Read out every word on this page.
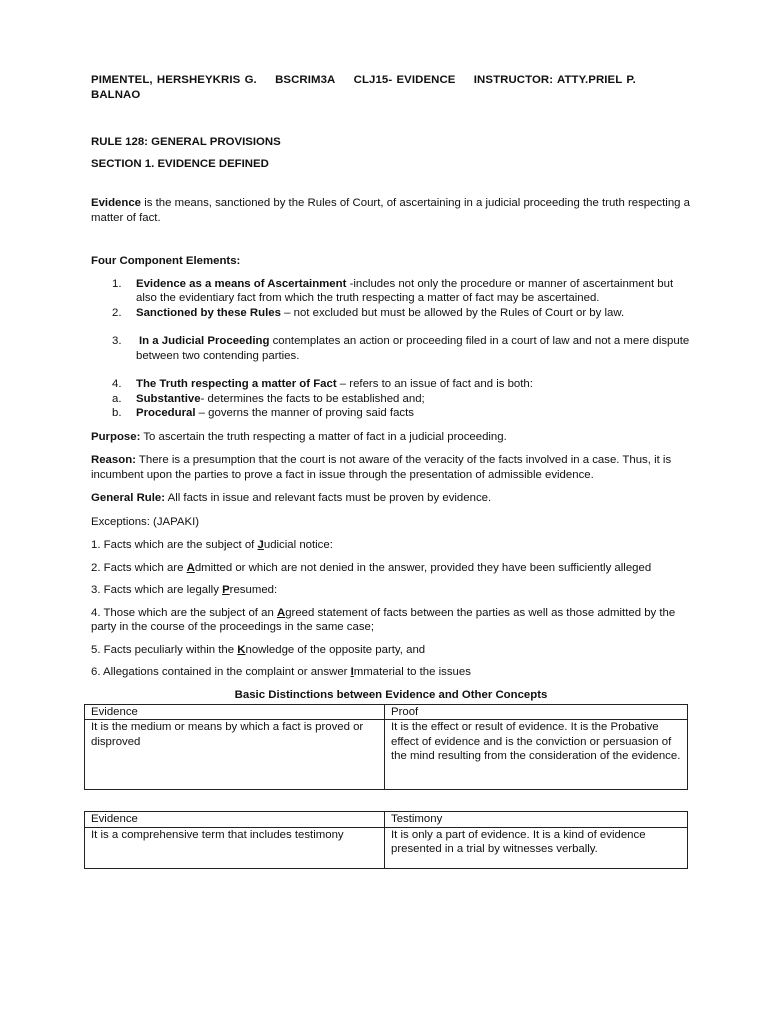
PIMENTEL, HERSHEYKRIS G. BSCRIM3A CLJ15- EVIDENCE INSTRUCTOR: ATTY.PRIEL P. BALNAO

RULE 128: GENERAL PROVISIONS

SECTION 1. EVIDENCE DEFINED

Evidence is the means, sanctioned by the Rules of Court, of ascertaining in a judicial proceeding the truth respecting a matter of fact.

Four Component Elements:

1. Evidence as a means of Ascertainment -includes not only the procedure or manner of ascertainment but also the evidentiary fact from which the truth respecting a matter of fact may be ascertained.
2. Sanctioned by these Rules – not excluded but must be allowed by the Rules of Court or by law.
3. In a Judicial Proceeding contemplates an action or proceeding filed in a court of law and not a mere dispute between two contending parties.
4. The Truth respecting a matter of Fact – refers to an issue of fact and is both:
a. Substantive- determines the facts to be established and;
b. Procedural – governs the manner of proving said facts

Purpose: To ascertain the truth respecting a matter of fact in a judicial proceeding.

Reason: There is a presumption that the court is not aware of the veracity of the facts involved in a case. Thus, it is incumbent upon the parties to prove a fact in issue through the presentation of admissible evidence.

General Rule: All facts in issue and relevant facts must be proven by evidence.

Exceptions: (JAPAKI)

1. Facts which are the subject of Judicial notice:

2. Facts which are Admitted or which are not denied in the answer, provided they have been sufficiently alleged

3. Facts which are legally Presumed:

4. Those which are the subject of an Agreed statement of facts between the parties as well as those admitted by the party in the course of the proceedings in the same case;

5. Facts peculiarly within the Knowledge of the opposite party, and

6. Allegations contained in the complaint or answer Immaterial to the issues

Basic Distinctions between Evidence and Other Concepts

Evidence	Proof
It is the medium or means by which a fact is proved or disproved	It is the effect or result of evidence. It is the Probative effect of evidence and is the conviction or persuasion of the mind resulting from the consideration of the evidence.
Evidence	Testimony
It is a comprehensive term that includes testimony	It is only a part of evidence. It is a kind of evidence presented in a trial by witnesses verbally.
